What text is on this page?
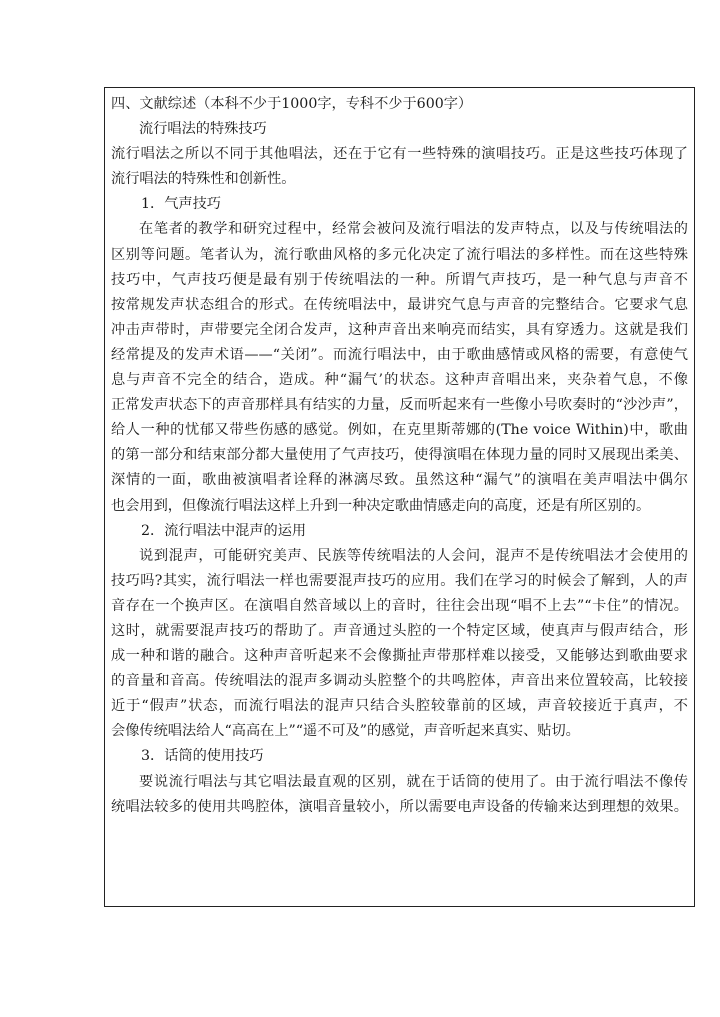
四、文献综述（本科不少于1000字，专科不少于600字）

流行唱法的特殊技巧

流行唱法之所以不同于其他唱法，还在于它有一些特殊的演唱技巧。正是这些技巧体现了

流行唱法的特殊性和创新性。

1．气声技巧

在笔者的教学和研究过程中，经常会被问及流行唱法的发声特点，以及与传统唱法的

区别等问题。笔者认为，流行歌曲风格的多元化决定了流行唱法的多样性。而在这些特殊

技巧中，气声技巧便是最有别于传统唱法的一种。所谓气声技巧，是一种气息与声音不

按常规发声状态组合的形式。在传统唱法中，最讲究气息与声音的完整结合。它要求气息

冲击声带时，声带要完全闭合发声，这种声音出来响亮而结实，具有穿透力。这就是我们

经常提及的发声术语——“关闭”。而流行唱法中，由于歌曲感情或风格的需要，有意使气

息与声音不完全的结合，造成。种“漏气’的状态。这种声音唱出来，夹杂着气息，不像

正常发声状态下的声音那样具有结实的力量，反而听起来有一些像小号吹奏时的“沙沙声”，

给人一种的忧郁又带些伤感的感觉。例如，在克里斯蒂娜的(The voice Within)中，歌曲

的第一部分和结束部分都大量使用了气声技巧，使得演唱在体现力量的同时又展现出柔美、

深情的一面，歌曲被演唱者诠释的淋漓尽致。虽然这种“漏气”的演唱在美声唱法中偶尔

也会用到，但像流行唱法这样上升到一种决定歌曲情感走向的高度，还是有所区别的。

2．流行唱法中混声的运用

说到混声，可能研究美声、民族等传统唱法的人会问，混声不是传统唱法才会使用的

技巧吗?其实，流行唱法一样也需要混声技巧的应用。我们在学习的时候会了解到，人的声

音存在一个换声区。在演唱自然音域以上的音时，往往会出现“唱不上去”“卡住”的情况。

这时，就需要混声技巧的帮助了。声音通过头腔的一个特定区域，使真声与假声结合，形

成一种和谐的融合。这种声音听起来不会像撕扯声带那样难以接受，又能够达到歌曲要求

的音量和音高。传统唱法的混声多调动头腔整个的共鸣腔体，声音出来位置较高，比较接

近于“假声”状态，而流行唱法的混声只结合头腔较靠前的区域，声音较接近于真声，不

会像传统唱法给人“高高在上”“遥不可及”的感觉，声音听起来真实、贴切。

3．话筒的使用技巧

要说流行唱法与其它唱法最直观的区别，就在于话筒的使用了。由于流行唱法不像传

统唱法较多的使用共鸣腔体，演唱音量较小，所以需要电声设备的传输来达到理想的效果。
